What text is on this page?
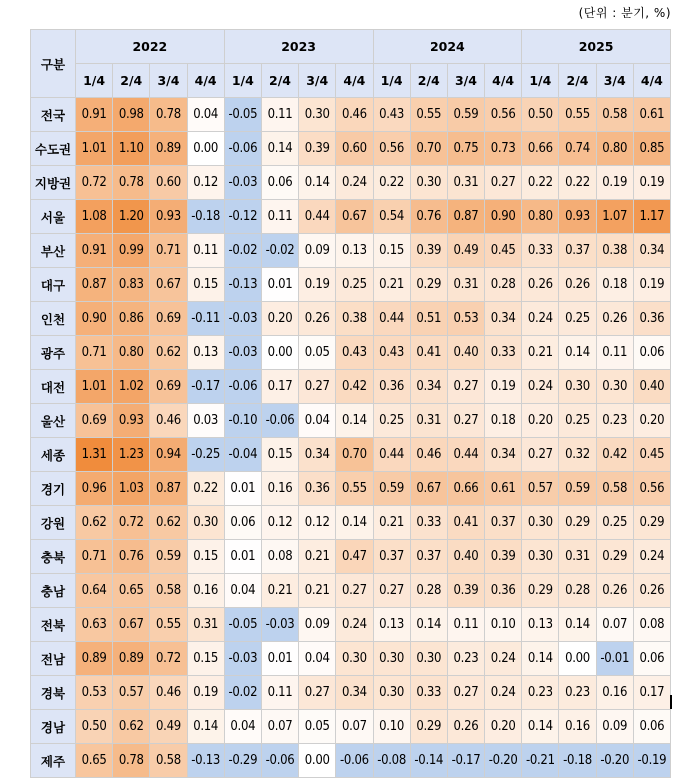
(단위 : 분기, %)
구분	2022				2023				2024				2025			
	1/4	2/4	3/4	4/4	1/4	2/4	3/4	4/4	1/4	2/4	3/4	4/4	1/4	2/4	3/4	4/4
전국	0.91	0.98	0.78	0.04	-0.05	0.11	0.30	0.46	0.43	0.55	0.59	0.56	0.50	0.55	0.58	0.61
수도권	1.01	1.10	0.89	0.00	-0.06	0.14	0.39	0.60	0.56	0.70	0.75	0.73	0.66	0.74	0.80	0.85
지방권	0.72	0.78	0.60	0.12	-0.03	0.06	0.14	0.24	0.22	0.30	0.31	0.27	0.22	0.22	0.19	0.19
서울	1.08	1.20	0.93	-0.18	-0.12	0.11	0.44	0.67	0.54	0.76	0.87	0.90	0.80	0.93	1.07	1.17
부산	0.91	0.99	0.71	0.11	-0.02	-0.02	0.09	0.13	0.15	0.39	0.49	0.45	0.33	0.37	0.38	0.34
대구	0.87	0.83	0.67	0.15	-0.13	0.01	0.19	0.25	0.21	0.29	0.31	0.28	0.26	0.26	0.18	0.19
인천	0.90	0.86	0.69	-0.11	-0.03	0.20	0.26	0.38	0.44	0.51	0.53	0.34	0.24	0.25	0.26	0.36
광주	0.71	0.80	0.62	0.13	-0.03	0.00	0.05	0.43	0.43	0.41	0.40	0.33	0.21	0.14	0.11	0.06
대전	1.01	1.02	0.69	-0.17	-0.06	0.17	0.27	0.42	0.36	0.34	0.27	0.19	0.24	0.30	0.30	0.40
울산	0.69	0.93	0.46	0.03	-0.10	-0.06	0.04	0.14	0.25	0.31	0.27	0.18	0.20	0.25	0.23	0.20
세종	1.31	1.23	0.94	-0.25	-0.04	0.15	0.34	0.70	0.44	0.46	0.44	0.34	0.27	0.32	0.42	0.45
경기	0.96	1.03	0.87	0.22	0.01	0.16	0.36	0.55	0.59	0.67	0.66	0.61	0.57	0.59	0.58	0.56
강원	0.62	0.72	0.62	0.30	0.06	0.12	0.12	0.14	0.21	0.33	0.41	0.37	0.30	0.29	0.25	0.29
충북	0.71	0.76	0.59	0.15	0.01	0.08	0.21	0.47	0.37	0.37	0.40	0.39	0.30	0.31	0.29	0.24
충남	0.64	0.65	0.58	0.16	0.04	0.21	0.21	0.27	0.27	0.28	0.39	0.36	0.29	0.28	0.26	0.26
전북	0.63	0.67	0.55	0.31	-0.05	-0.03	0.09	0.24	0.13	0.14	0.11	0.10	0.13	0.14	0.07	0.08
전남	0.89	0.89	0.72	0.15	-0.03	0.01	0.04	0.30	0.30	0.30	0.23	0.24	0.14	0.00	-0.01	0.06
경북	0.53	0.57	0.46	0.19	-0.02	0.11	0.27	0.34	0.30	0.33	0.27	0.24	0.23	0.23	0.16	0.17
경남	0.50	0.62	0.49	0.14	0.04	0.07	0.05	0.07	0.10	0.29	0.26	0.20	0.14	0.16	0.09	0.06
제주	0.65	0.78	0.58	-0.13	-0.29	-0.06	0.00	-0.06	-0.08	-0.14	-0.17	-0.20	-0.21	-0.18	-0.20	-0.19
